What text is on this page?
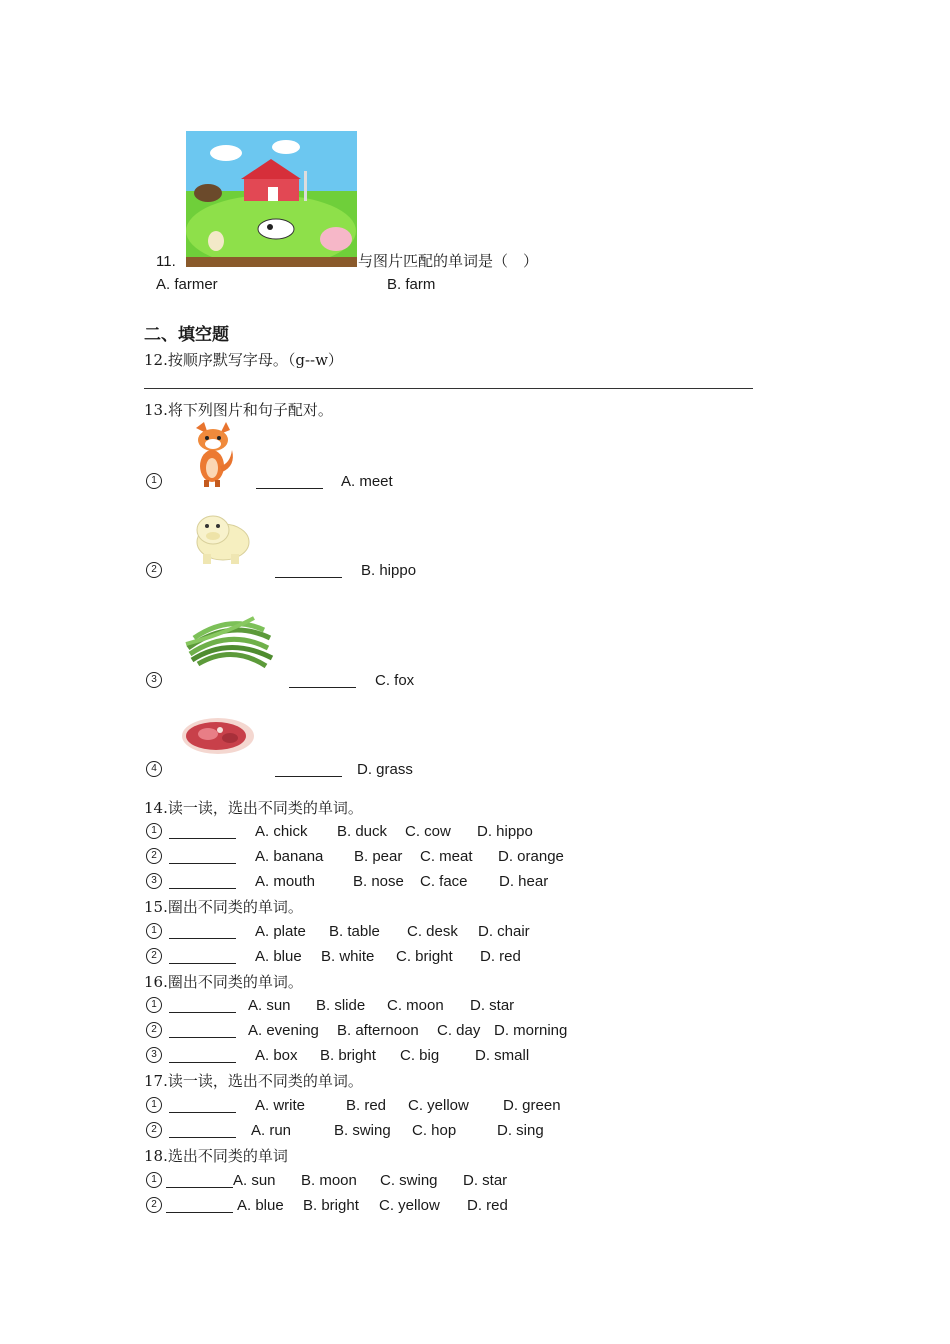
11.	与图片匹配的单词是（　）
A. farmer	B. farm
二、填空题
12.按顺序默写字母。（g--w）
13.将下列图片和句子配对。
1	A. meet
2	B. hippo
3	C. fox
4	D. grass
14.读一读，选出不同类的单词。
1	A. chick B. duck C. cow D. hippo
2	A. banana B. pear C. meat D. orange
3	A. mouth	B. nose C. face D. hear
15.圈出不同类的单词。
1	A. plate B. table C. desk D. chair
2	A. blue B. white C. bright D. red
16.圈出不同类的单词。
1	A. sun B. slide C. moon D. star
2	A. evening B. afternoon C. day D. morning
3	A. box B. bright C. big D. small
17.读一读，选出不同类的单词。
1	A. write	B. red C. yellow D. green
2	A. run	B. swing C. hop	D. sing
18.选出不同类的单词
1	A. sun B. moon C. swing D. star
2	A. blue B. bright C. yellow D. red
